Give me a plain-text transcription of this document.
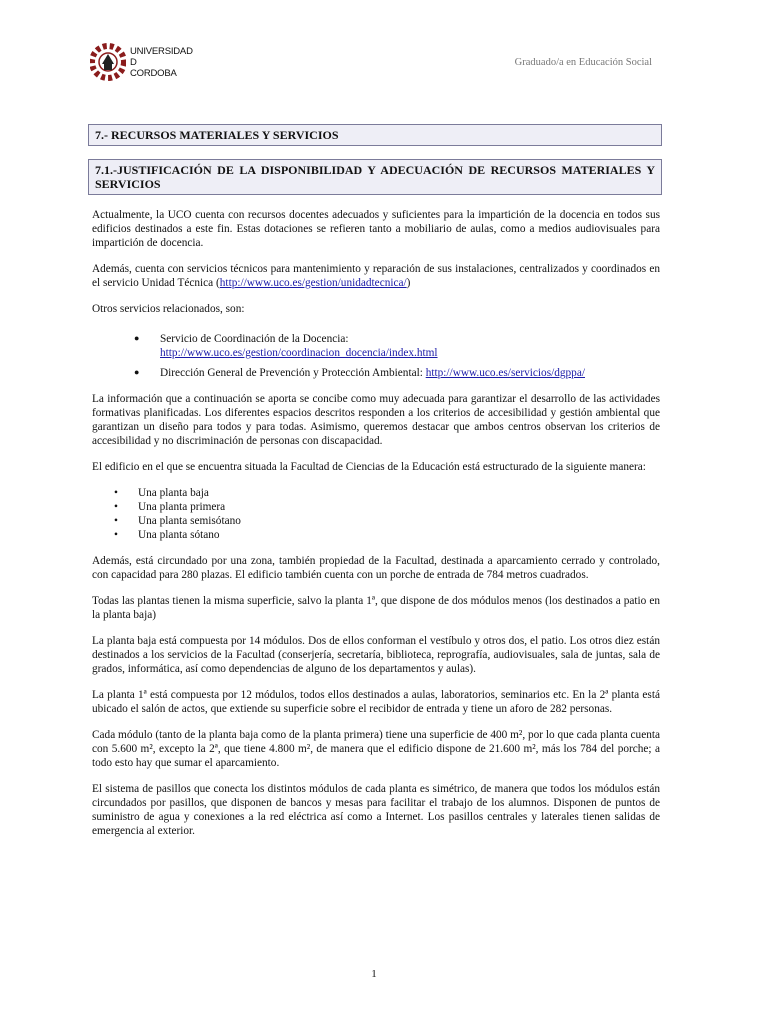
UNIVERSIDAD
D
CORDOBA
Graduado/a en Educación Social
7.- RECURSOS MATERIALES Y SERVICIOS
7.1.-JUSTIFICACIÓN DE LA DISPONIBILIDAD Y ADECUACIÓN DE RECURSOS MATERIALES Y SERVICIOS

Actualmente, la UCO cuenta con recursos docentes adecuados y suficientes para la impartición de la docencia en todos sus edificios destinados a este fin. Estas dotaciones se refieren tanto a mobiliario de aulas, como a medios audiovisuales para impartición de docencia.

Además, cuenta con servicios técnicos para mantenimiento y reparación de sus instalaciones, centralizados y coordinados en el servicio Unidad Técnica (http://www.uco.es/gestion/unidadtecnica/)

Otros servicios relacionados, son:

● Servicio de Coordinación de la Docencia:
http://www.uco.es/gestion/coordinacion_docencia/index.html
● Dirección General de Prevención y Protección Ambiental: http://www.uco.es/servicios/dgppa/

La información que a continuación se aporta se concibe como muy adecuada para garantizar el desarrollo de las actividades formativas planificadas. Los diferentes espacios descritos responden a los criterios de accesibilidad y gestión ambiental que garantizan un diseño para todos y para todas. Asimismo, queremos destacar que ambos centros observan los criterios de accesibilidad y no discriminación de personas con discapacidad.

El edificio en el que se encuentra situada la Facultad de Ciencias de la Educación está estructurado de la siguiente manera:

• Una planta baja
• Una planta primera
• Una planta semisótano
• Una planta sótano

Además, está circundado por una zona, también propiedad de la Facultad, destinada a aparcamiento cerrado y controlado, con capacidad para 280 plazas. El edificio también cuenta con un porche de entrada de 784 metros cuadrados.

Todas las plantas tienen la misma superficie, salvo la planta 1ª, que dispone de dos módulos menos (los destinados a patio en la planta baja)

La planta baja está compuesta por 14 módulos. Dos de ellos conforman el vestíbulo y otros dos, el patio. Los otros diez están destinados a los servicios de la Facultad (conserjería, secretaría, biblioteca, reprografía, audiovisuales, sala de juntas, sala de grados, informática, así como dependencias de alguno de los departamentos y aulas).

La planta 1ª está compuesta por 12 módulos, todos ellos destinados a aulas, laboratorios, seminarios etc. En la 2ª planta está ubicado el salón de actos, que extiende su superficie sobre el recibidor de entrada y tiene un aforo de 282 personas.

Cada módulo (tanto de la planta baja como de la planta primera) tiene una superficie de 400 m², por lo que cada planta cuenta con 5.600 m², excepto la 2ª, que tiene 4.800 m², de manera que el edificio dispone de 21.600 m², más los 784 del porche; a todo esto hay que sumar el aparcamiento.

El sistema de pasillos que conecta los distintos módulos de cada planta es simétrico, de manera que todos los módulos están circundados por pasillos, que disponen de bancos y mesas para facilitar el trabajo de los alumnos. Disponen de puntos de suministro de agua y conexiones a la red eléctrica así como a Internet. Los pasillos centrales y laterales tienen salidas de emergencia al exterior.

1
